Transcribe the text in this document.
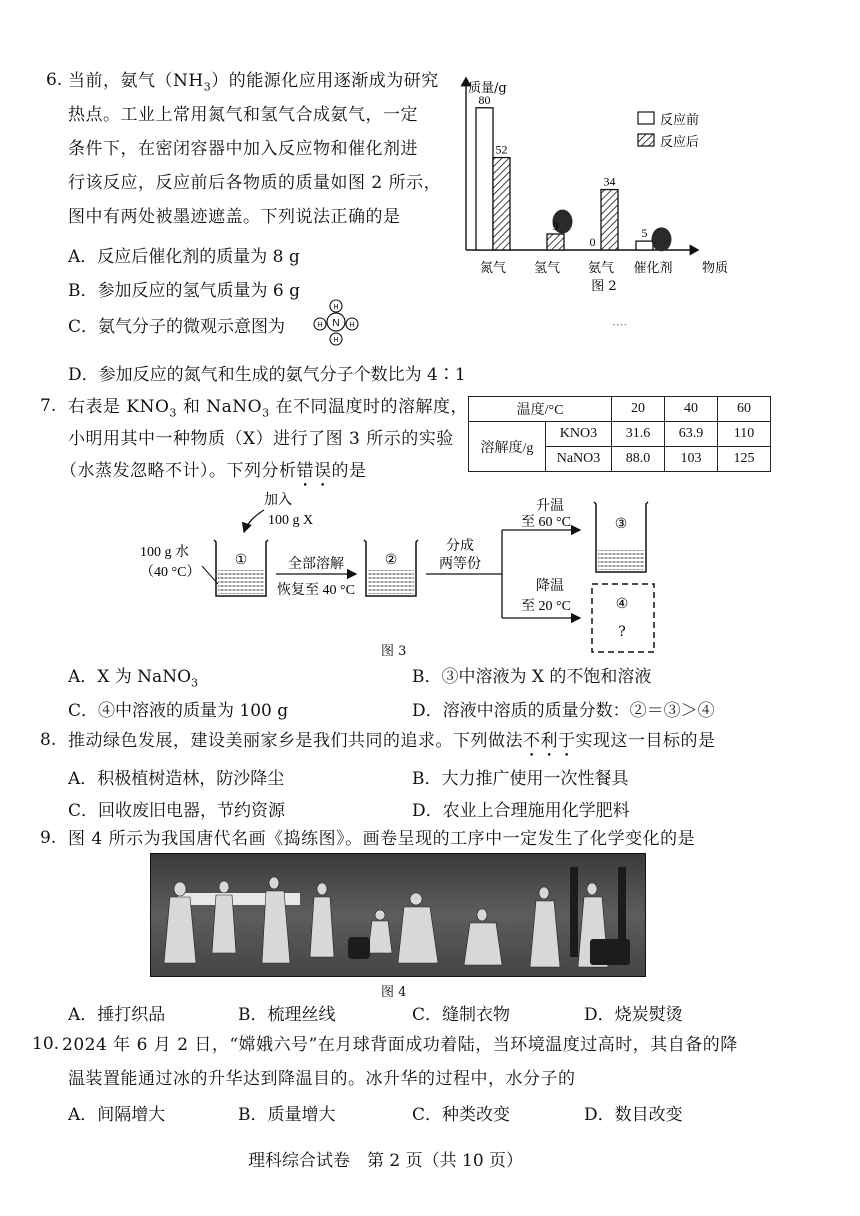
6. 当前，氨气$(NH_3)$的能源化应用逐渐成为研究
热点。工业上常用氮气和氢气合成氨气，一定
条件下，在密闭容器中加入反应物和催化剂进
行该反应，反应前后各物质的质量如图 2 所示，
图中有两处被墨迹遮盖。下列说法正确的是
A．反应后催化剂的质量为 8 g
B．参加反应的氢气质量为 6 g
C．氨气分子的微观示意图为	N
H
H	H
H
D．参加反应的氮气和生成的氨气分子个数比为 4∶1
质量/g
物质
图 2
氮气
80
52
氢气
9
氨气
0
34
催化剂
5
反应前
反应后
····
7. 右表是 $KNO_3$ 和 NaNO$_3$ 在不同温度时的溶解度，
小明用其中一种物质（X）进行了图 3 所示的实验
（水蒸发忽略不计）。下列分析错误的是
温度/°C		20	40	60
溶解度/g	KNO3	31.6	63.9	110
	NaNO3	88.0	103	125
加入
100 g X
100 g 水
（40 °C）
①	全部溶解
恢复至 40 °C
②
分成
两等份
升温
至 60 °C
降温
至 20 °C
③
④
?
图 3
A．X 为 NaNO$_3$	B．③中溶液为 X 的不饱和溶液
C．④中溶液的质量为 100 g	D．溶液中溶质的质量分数：②＝③＞④
8. 推动绿色发展，建设美丽家乡是我们共同的追求。下列做法不利于实现这一目标的是
A．积极植树造林，防沙降尘	B．大力推广使用一次性餐具
C．回收废旧电器，节约资源	D．农业上合理施用化学肥料
9. 图 4 所示为我国唐代名画《捣练图》。画卷呈现的工序中一定发生了化学变化的是
图 4
A．捶打织品	B．梳理丝线	C．缝制衣物	D．烧炭熨烫
10. 2024 年 6 月 2 日，“嫦娥六号”在月球背面成功着陆，当环境温度过高时，其自备的降
温装置能通过冰的升华达到降温目的。冰升华的过程中，水分子的
A．间隔增大	B．质量增大	C．种类改变	D．数目改变
理科综合试卷　第 2 页（共 10 页）
